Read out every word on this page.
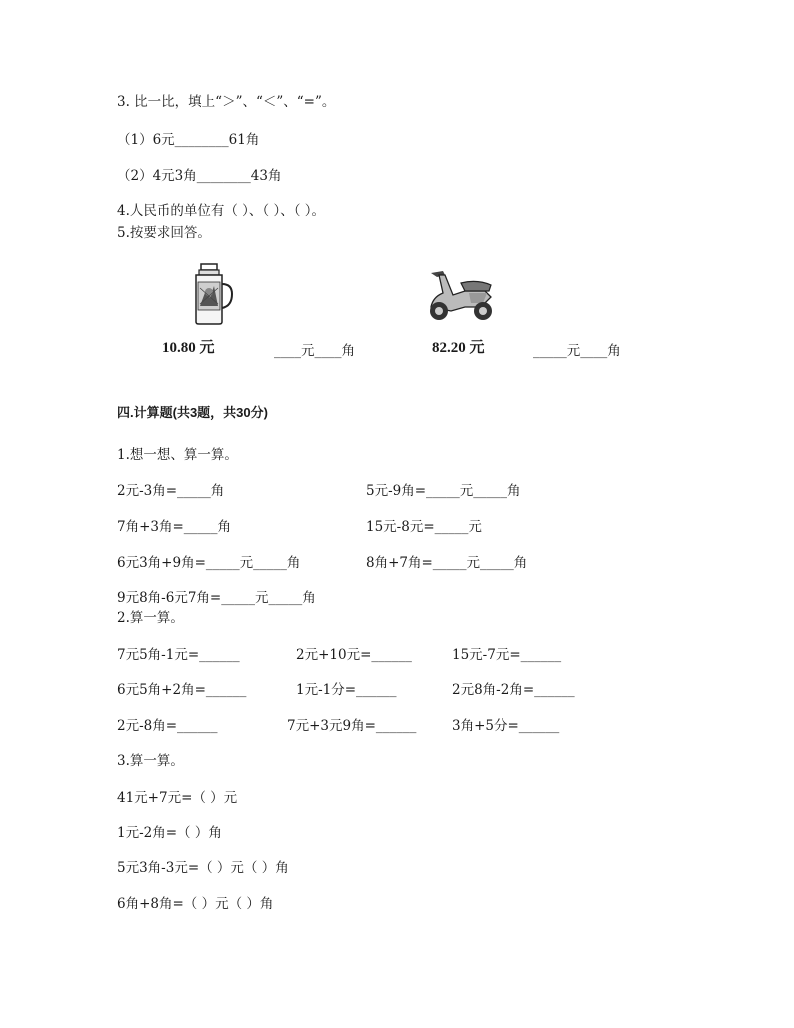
3. 比一比，填上“＞”、“＜”、“=”。
（1）6元________61角
（2）4元3角________43角
4.人民币的单位有（ ）、（ ）、（ ）。
5.按要求回答。
10.80 元	____元____角	82.20 元	_____元____角
四.计算题(共3题，共30分)
1.想一想、算一算。
2元-3角=_____角	5元-9角=_____元_____角
7角+3角=_____角	15元-8元=_____元
6元3角+9角=_____元_____角	8角+7角=_____元_____角
9元8角-6元7角=_____元_____角
2.算一算。
7元5角-1元=______	2元+10元=______	15元-7元=______
6元5角+2角=______	1元-1分=______	2元8角-2角=______
2元-8角=______	7元+3元9角=______	3角+5分=______
3.算一算。
41元+7元=（ ）元
1元-2角=（ ）角
5元3角-3元=（ ）元（ ）角
6角+8角=（ ）元（ ）角
